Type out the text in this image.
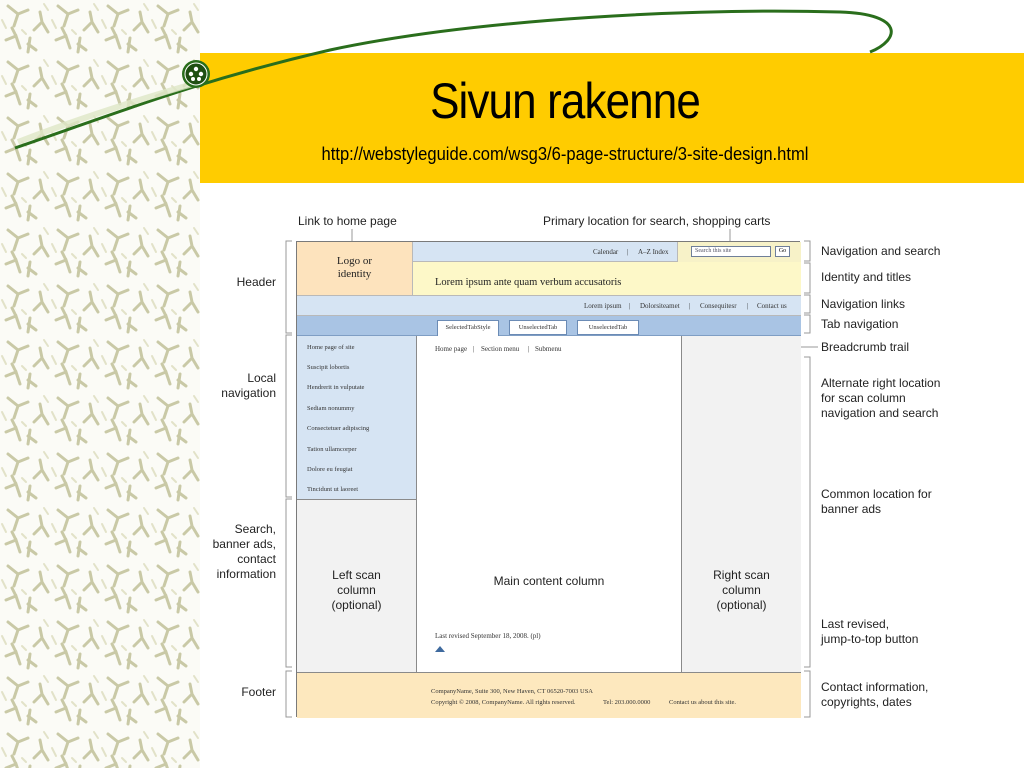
Sivun rakenne
http://webstyleguide.com/wsg3/6-page-structure/3-site-design.html
Link to home page	Primary location for search, shopping carts
Header
Local
navigation
Search,
banner ads,
contact
information
Footer
Navigation and search
Identity and titles
Navigation links
Tab navigation
Breadcrumb trail
Alternate right location
for scan column
navigation and search
Common location for
banner ads
Last revised,
jump-to-top button
Contact information,
copyrights, dates
Logo or
identity
Calendar | A–Z Index	Search this site	Go
Lorem ipsum ante quam verbum accusatoris
Lorem ipsum | Dolorsiteamet | Consequitesr | Contact us
SelectedTabStyle	UnselectedTab	UnselectedTab
Home page of site
Suscipit lobortis
Hendrerit in vulputate
Sediam nonummy
Consectetuer adipiscing
Tation ullamcorper
Dolore eu feugiat
Tincidunt ut laoreet
Left scan
column
(optional)
Home page | Section menu | Submenu
Main content column
Last revised September 18, 2008. (pl)
Right scan
column
(optional)
CompanyName, Suite 300, New Haven, CT 06520-7003 USA
Copyright © 2008, CompanyName. All rights reserved.	Tel: 203.000.0000	Contact us about this site.
